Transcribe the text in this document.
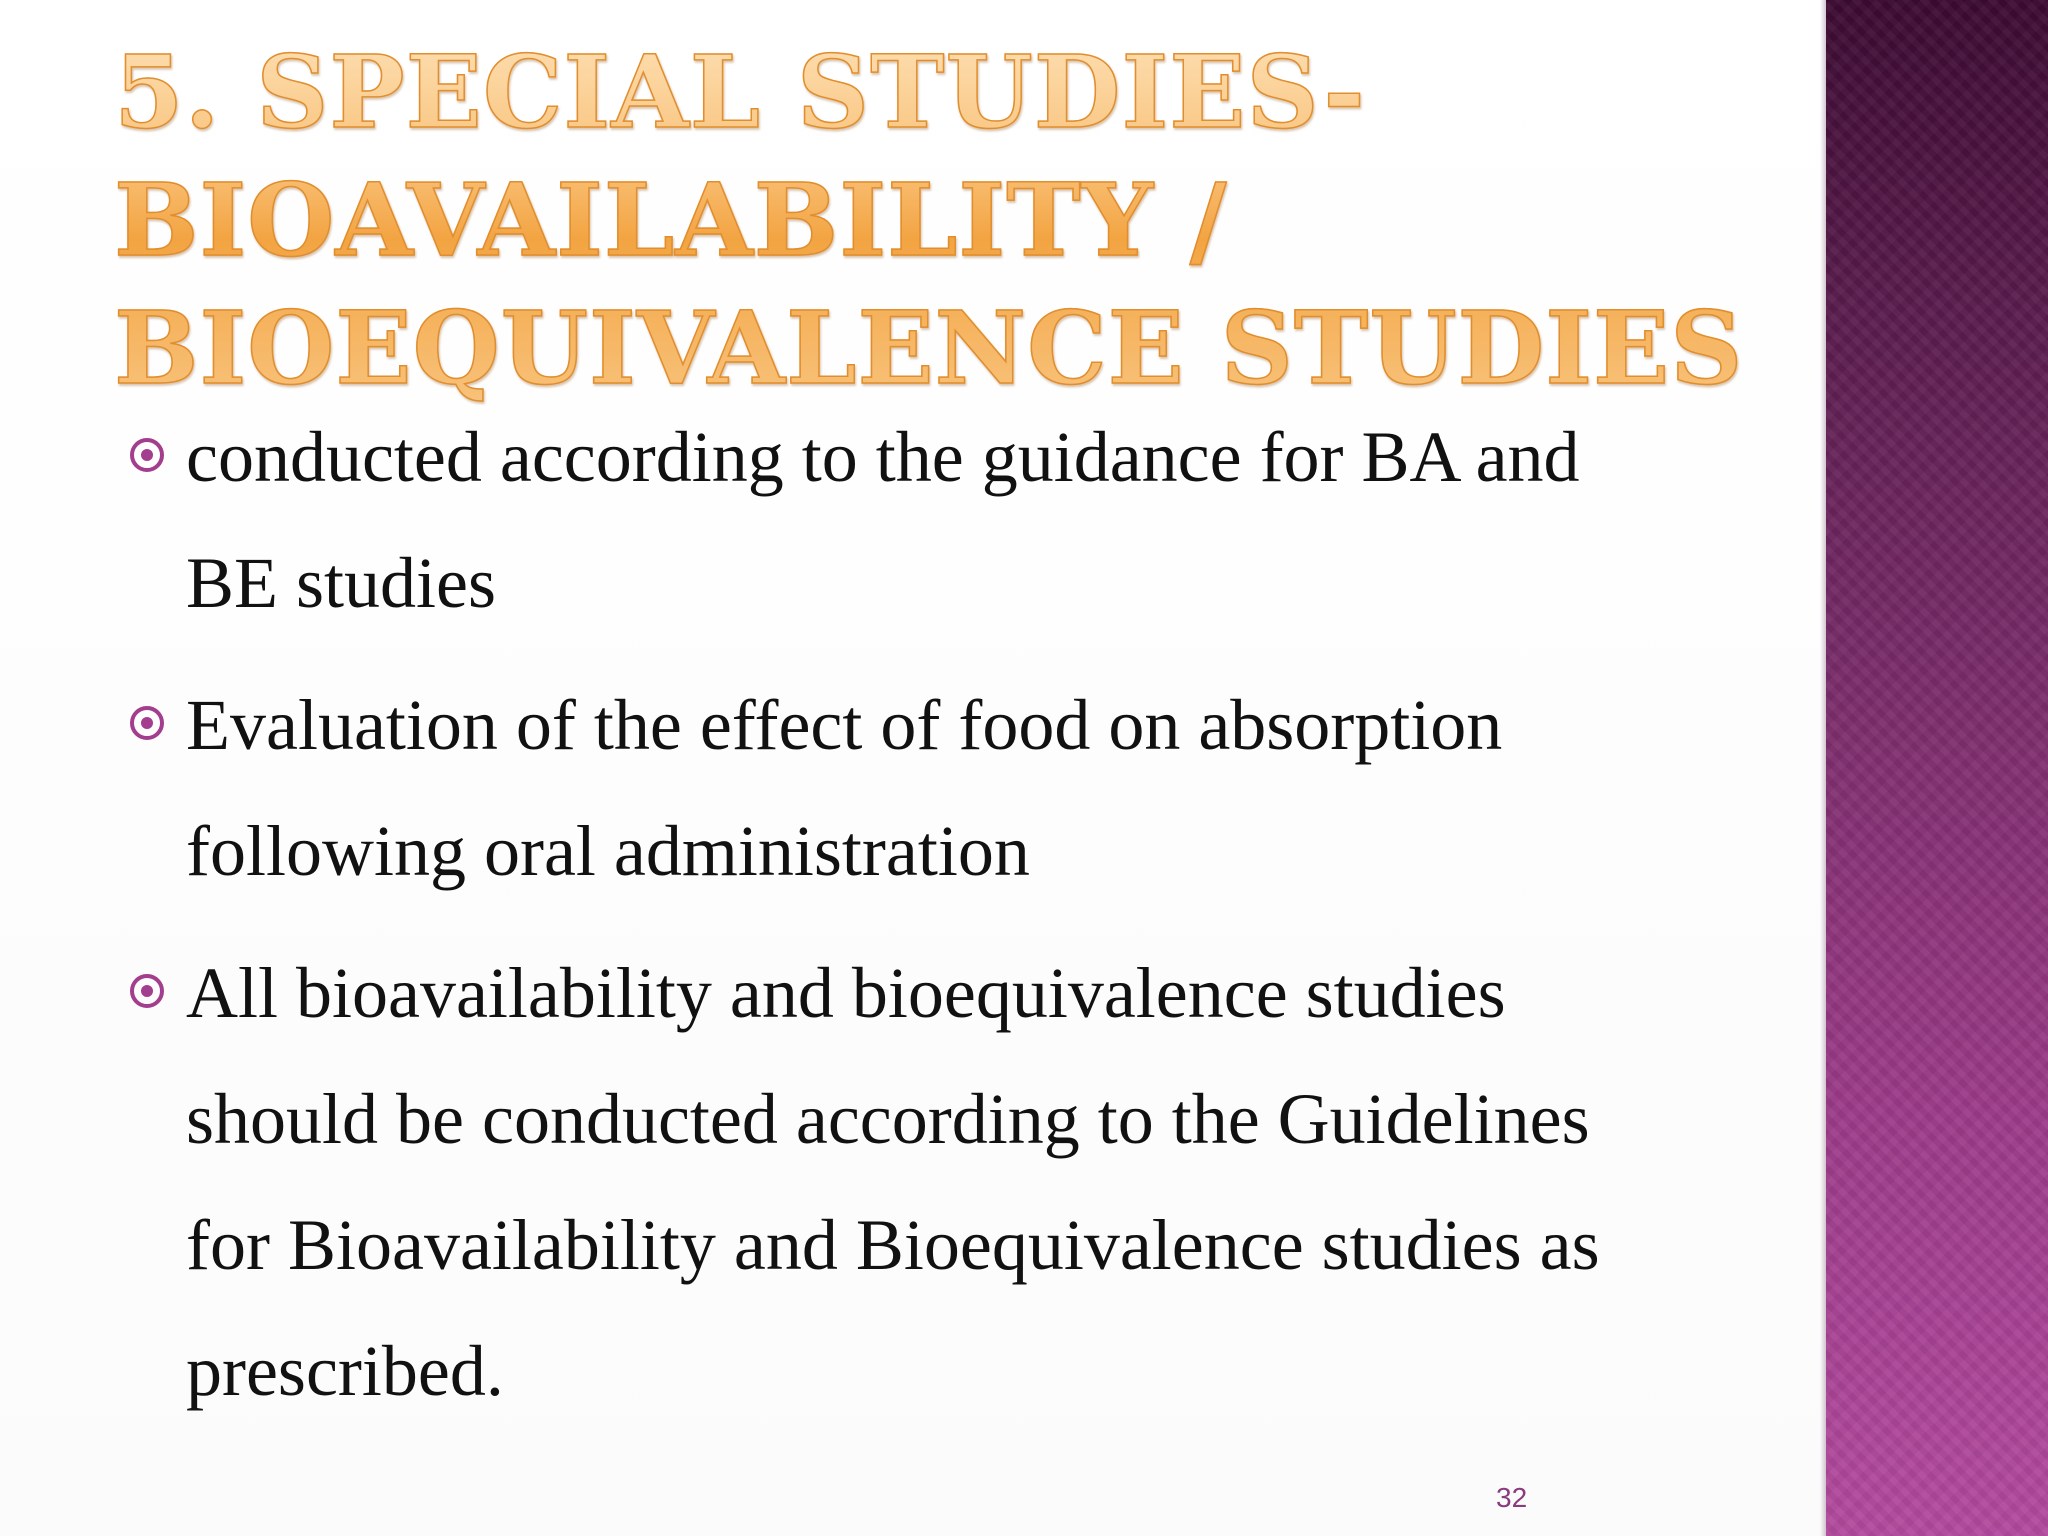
5. SPECIAL STUDIES-
BIOAVAILABILITY /
BIOEQUIVALENCE STUDIES
conducted according to the guidance for BA and BE studies
Evaluation of the effect of food on absorption following oral administration
All bioavailability and bioequivalence studies should be conducted according to the Guidelines for Bioavailability and Bioequivalence studies as prescribed.
32
